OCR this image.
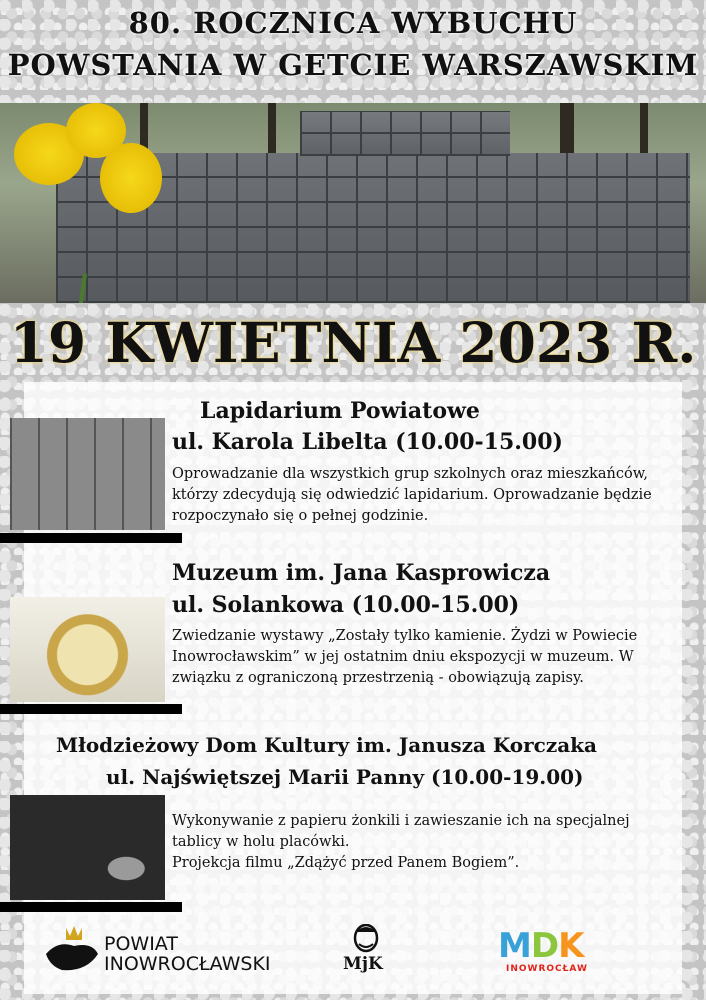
80. ROCZNICA WYBUCHU
POWSTANIA W GETCIE WARSZAWSKIM
19 KWIETNIA 2023 R.
Lapidarium Powiatowe
ul. Karola Libelta (10.00-15.00)
Oprowadzanie dla wszystkich grup szkolnych oraz mieszkańców, którzy zdecydują się odwiedzić lapidarium. Oprowadzanie będzie rozpoczynało się o pełnej godzinie.
Muzeum im. Jana Kasprowicza
ul. Solankowa (10.00-15.00)
Zwiedzanie wystawy „Zostały tylko kamienie. Żydzi w Powiecie Inowrocławskim” w jej ostatnim dniu ekspozycji w muzeum. W związku z ograniczoną przestrzenią - obowiązują zapisy.
Młodzieżowy Dom Kultury im. Janusza Korczaka
ul. Najświętszej Marii Panny (10.00-19.00)
Wykonywanie z papieru żonkili i zawieszanie ich na specjalnej tablicy w holu placówki.
Projekcja filmu „Zdążyć przed Panem Bogiem”.
POWIAT
INOWROCŁAWSKI	MjK	MDK
INOWROCŁAW
